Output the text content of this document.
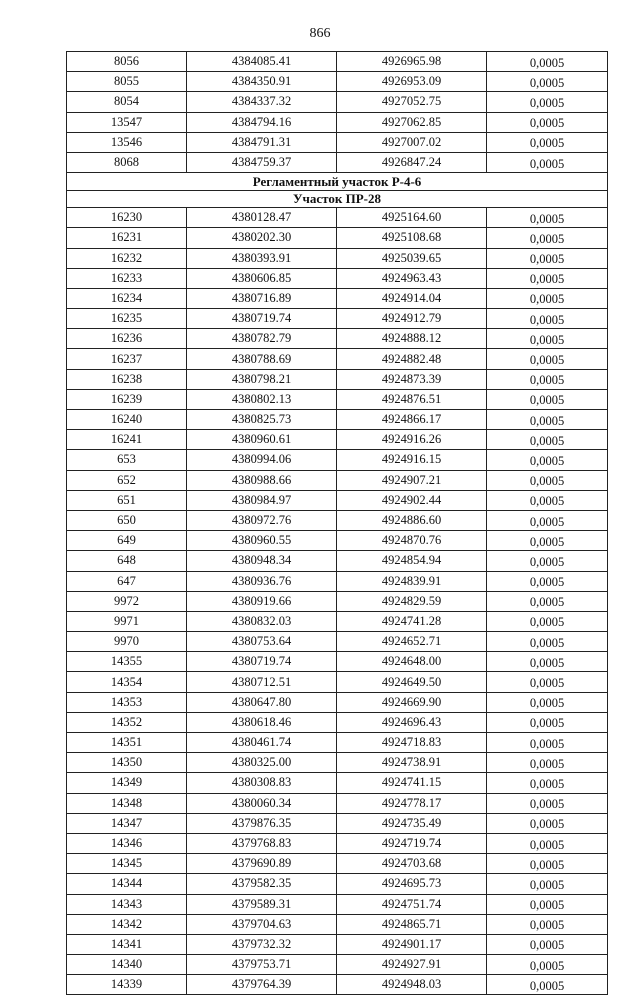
866
8056	4384085.41	4926965.98	0,0005
8055	4384350.91	4926953.09	0,0005
8054	4384337.32	4927052.75	0,0005
13547	4384794.16	4927062.85	0,0005
13546	4384791.31	4927007.02	0,0005
8068	4384759.37	4926847.24	0,0005
Регламентный участок Р-4-6			
Участок ПР-28			
16230	4380128.47	4925164.60	0,0005
16231	4380202.30	4925108.68	0,0005
16232	4380393.91	4925039.65	0,0005
16233	4380606.85	4924963.43	0,0005
16234	4380716.89	4924914.04	0,0005
16235	4380719.74	4924912.79	0,0005
16236	4380782.79	4924888.12	0,0005
16237	4380788.69	4924882.48	0,0005
16238	4380798.21	4924873.39	0,0005
16239	4380802.13	4924876.51	0,0005
16240	4380825.73	4924866.17	0,0005
16241	4380960.61	4924916.26	0,0005
653	4380994.06	4924916.15	0,0005
652	4380988.66	4924907.21	0,0005
651	4380984.97	4924902.44	0,0005
650	4380972.76	4924886.60	0,0005
649	4380960.55	4924870.76	0,0005
648	4380948.34	4924854.94	0,0005
647	4380936.76	4924839.91	0,0005
9972	4380919.66	4924829.59	0,0005
9971	4380832.03	4924741.28	0,0005
9970	4380753.64	4924652.71	0,0005
14355	4380719.74	4924648.00	0,0005
14354	4380712.51	4924649.50	0,0005
14353	4380647.80	4924669.90	0,0005
14352	4380618.46	4924696.43	0,0005
14351	4380461.74	4924718.83	0,0005
14350	4380325.00	4924738.91	0,0005
14349	4380308.83	4924741.15	0,0005
14348	4380060.34	4924778.17	0,0005
14347	4379876.35	4924735.49	0,0005
14346	4379768.83	4924719.74	0,0005
14345	4379690.89	4924703.68	0,0005
14344	4379582.35	4924695.73	0,0005
14343	4379589.31	4924751.74	0,0005
14342	4379704.63	4924865.71	0,0005
14341	4379732.32	4924901.17	0,0005
14340	4379753.71	4924927.91	0,0005
14339	4379764.39	4924948.03	0,0005
